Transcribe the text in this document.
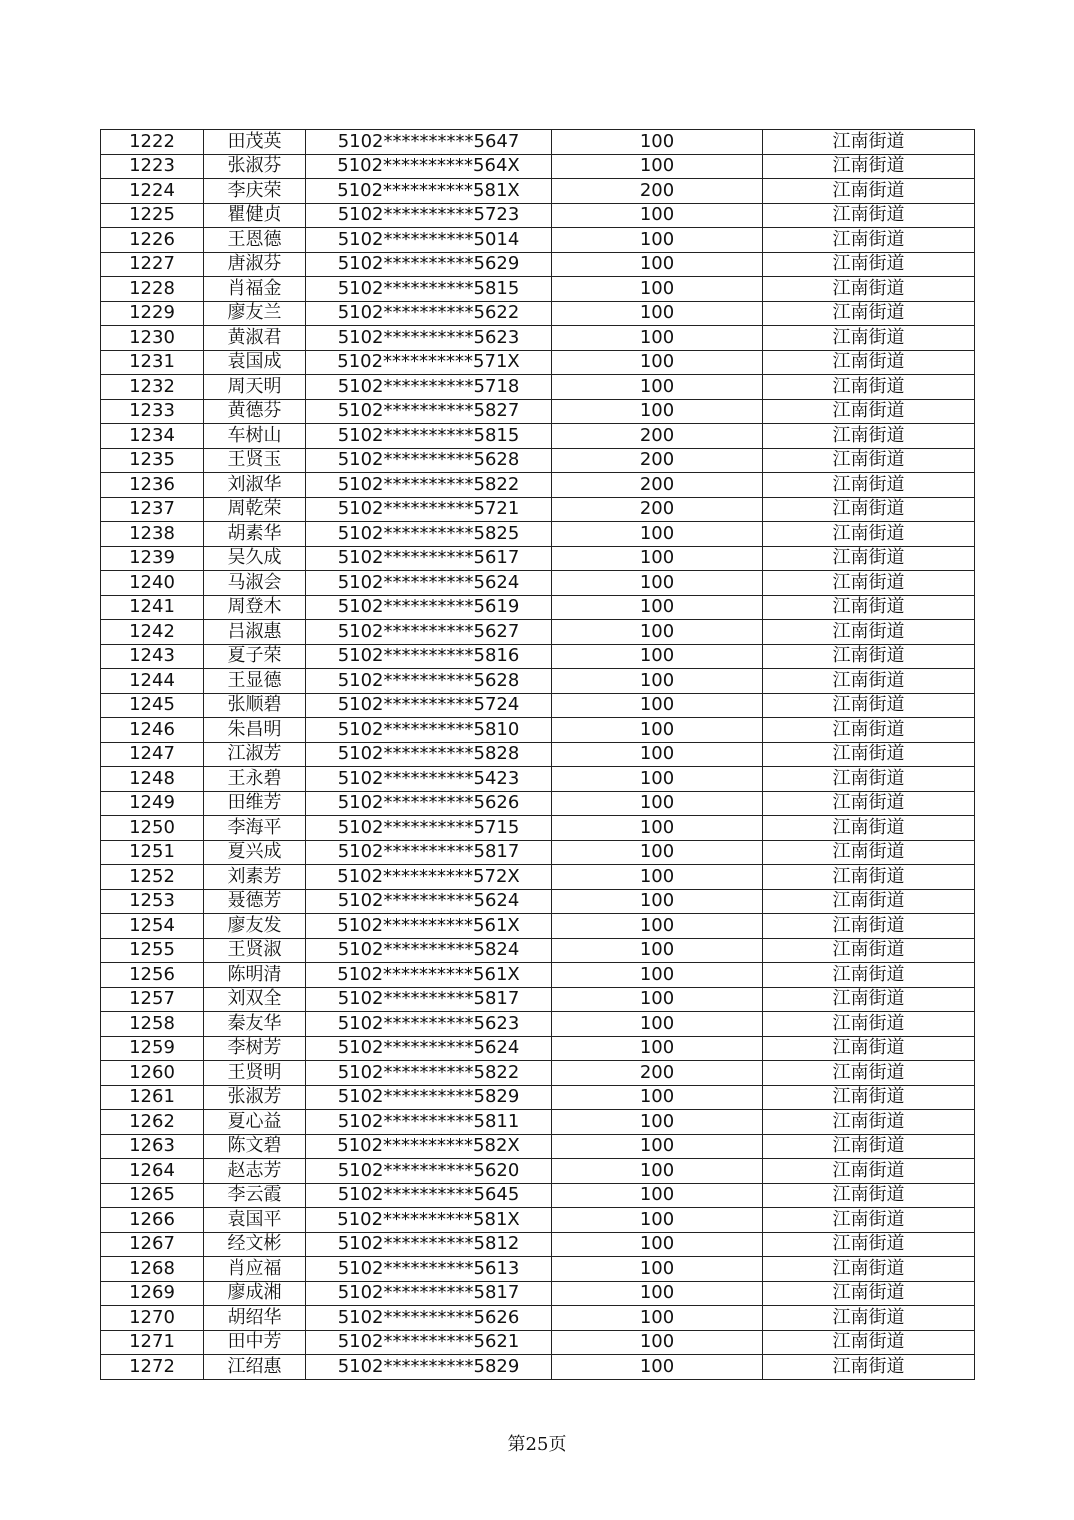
1222	田茂英	5102**********5647	100	江南街道
1223	张淑芬	5102**********564X	100	江南街道
1224	李庆荣	5102**********581X	200	江南街道
1225	瞿健贞	5102**********5723	100	江南街道
1226	王恩德	5102**********5014	100	江南街道
1227	唐淑芬	5102**********5629	100	江南街道
1228	肖福金	5102**********5815	100	江南街道
1229	廖友兰	5102**********5622	100	江南街道
1230	黄淑君	5102**********5623	100	江南街道
1231	袁国成	5102**********571X	100	江南街道
1232	周天明	5102**********5718	100	江南街道
1233	黄德芬	5102**********5827	100	江南街道
1234	车树山	5102**********5815	200	江南街道
1235	王贤玉	5102**********5628	200	江南街道
1236	刘淑华	5102**********5822	200	江南街道
1237	周乾荣	5102**********5721	200	江南街道
1238	胡素华	5102**********5825	100	江南街道
1239	吴久成	5102**********5617	100	江南街道
1240	马淑会	5102**********5624	100	江南街道
1241	周登木	5102**********5619	100	江南街道
1242	吕淑惠	5102**********5627	100	江南街道
1243	夏子荣	5102**********5816	100	江南街道
1244	王显德	5102**********5628	100	江南街道
1245	张顺碧	5102**********5724	100	江南街道
1246	朱昌明	5102**********5810	100	江南街道
1247	江淑芳	5102**********5828	100	江南街道
1248	王永碧	5102**********5423	100	江南街道
1249	田维芳	5102**********5626	100	江南街道
1250	李海平	5102**********5715	100	江南街道
1251	夏兴成	5102**********5817	100	江南街道
1252	刘素芳	5102**********572X	100	江南街道
1253	聂德芳	5102**********5624	100	江南街道
1254	廖友发	5102**********561X	100	江南街道
1255	王贤淑	5102**********5824	100	江南街道
1256	陈明清	5102**********561X	100	江南街道
1257	刘双全	5102**********5817	100	江南街道
1258	秦友华	5102**********5623	100	江南街道
1259	李树芳	5102**********5624	100	江南街道
1260	王贤明	5102**********5822	200	江南街道
1261	张淑芳	5102**********5829	100	江南街道
1262	夏心益	5102**********5811	100	江南街道
1263	陈文碧	5102**********582X	100	江南街道
1264	赵志芳	5102**********5620	100	江南街道
1265	李云霞	5102**********5645	100	江南街道
1266	袁国平	5102**********581X	100	江南街道
1267	经文彬	5102**********5812	100	江南街道
1268	肖应福	5102**********5613	100	江南街道
1269	廖成湘	5102**********5817	100	江南街道
1270	胡绍华	5102**********5626	100	江南街道
1271	田中芳	5102**********5621	100	江南街道
1272	江绍惠	5102**********5829	100	江南街道
第25页
